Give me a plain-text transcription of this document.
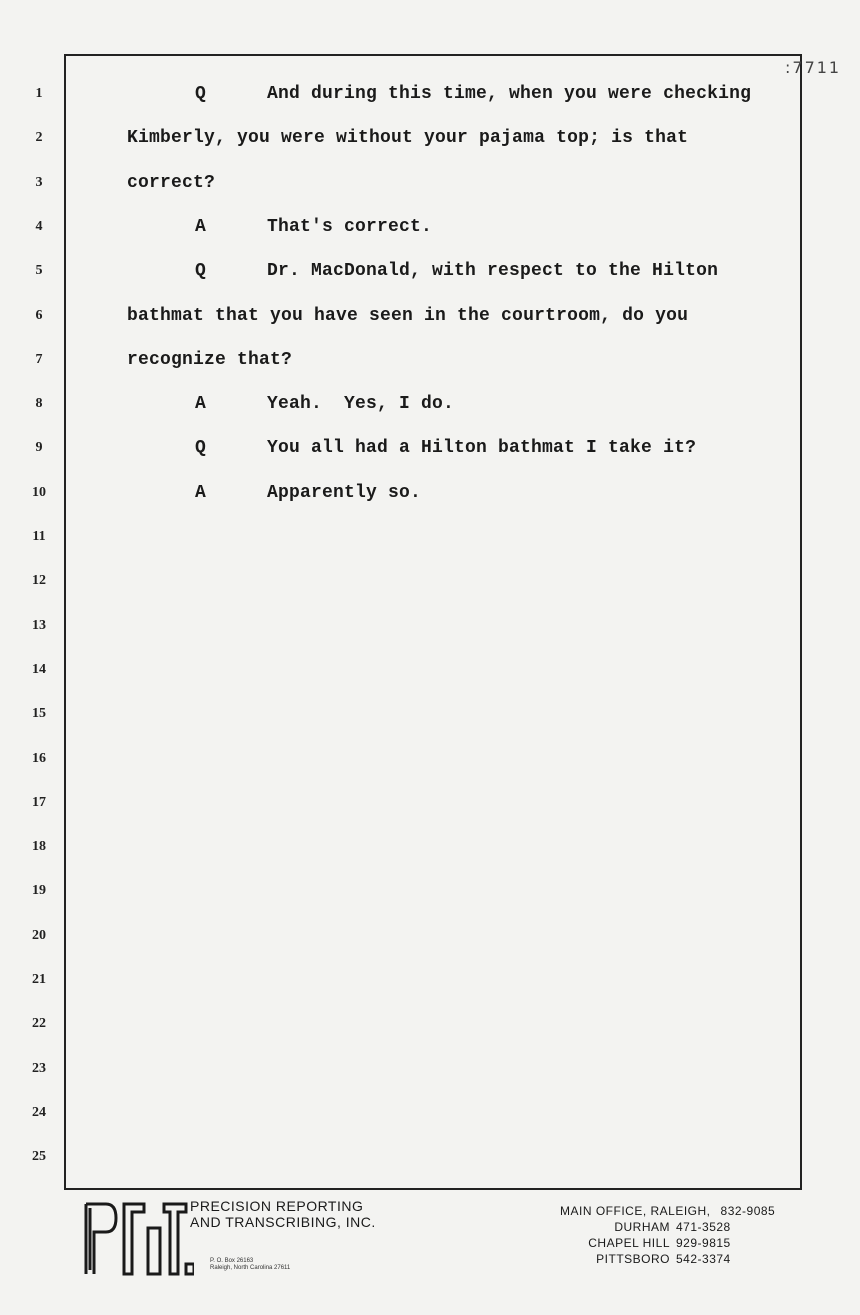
:7711
1
2
3
4
5
6
7
8
9
10
11
12
13
14
15
16
17
18
19
20
21
22
23
24
25
Q	And during this time, when you were checking
Kimberly, you were without your pajama top; is that
correct?
A	That's correct.
Q	Dr. MacDonald, with respect to the Hilton
bathmat that you have seen in the courtroom, do you
recognize that?
A	Yeah.  Yes, I do.
Q	You all had a Hilton bathmat I take it?
A	Apparently so.
PRECISION REPORTING
AND TRANSCRIBING, INC.
P. O. Box 26163
Raleigh, North Carolina 27611
MAIN OFFICE, RALEIGH, 832-9085
DURHAM 471-3528
CHAPEL HILL 929-9815
PITTSBORO 542-3374
